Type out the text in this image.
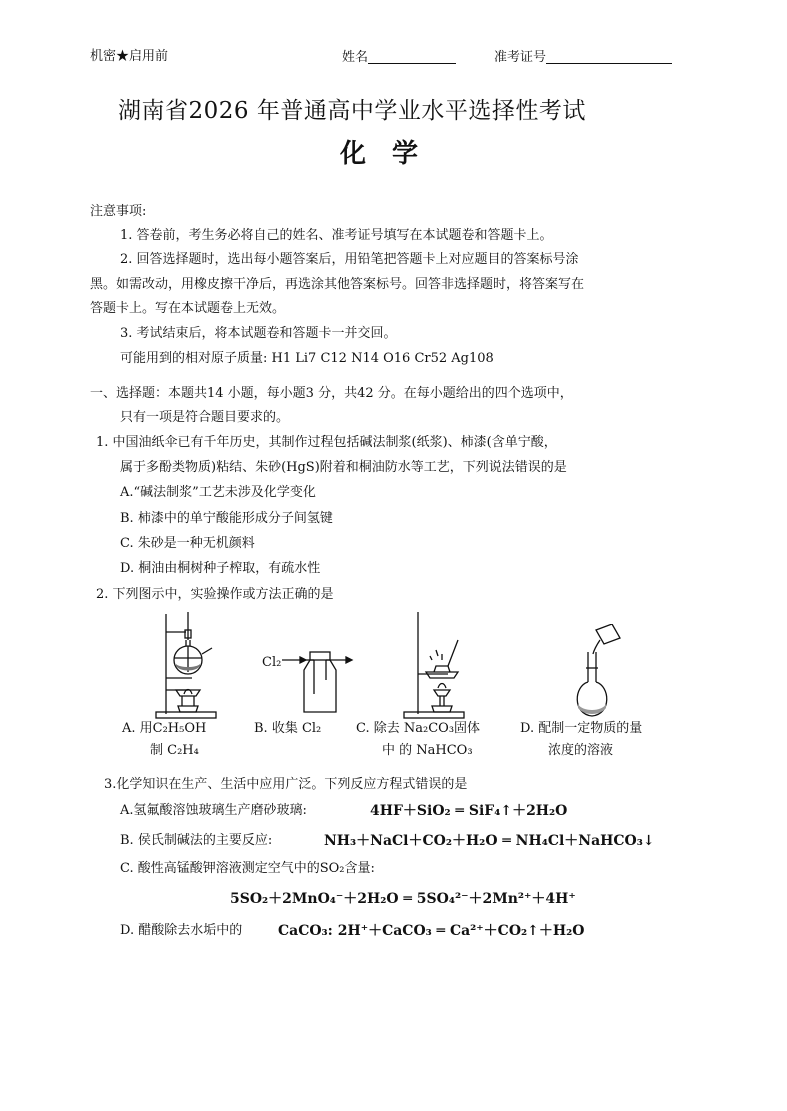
机密★启用前	姓名	准考证号
湖南省2026 年普通高中学业水平选择性考试
化　学
注意事项:
1. 答卷前，考生务必将自己的姓名、准考证号填写在本试题卷和答题卡上。
2. 回答选择题时，选出每小题答案后，用铅笔把答题卡上对应题目的答案标号涂
黑。如需改动，用橡皮擦干净后，再选涂其他答案标号。回答非选择题时，将答案写在
答题卡上。写在本试题卷上无效。
3. 考试结束后，将本试题卷和答题卡一并交回。
可能用到的相对原子质量: H1 Li7 C12 N14 O16 Cr52 Ag108
一、选择题：本题共14 小题，每小题3 分，共42 分。在每小题给出的四个选项中，
只有一项是符合题目要求的。
1. 中国油纸伞已有千年历史，其制作过程包括碱法制浆(纸浆)、柿漆(含单宁酸，
属于多酚类物质)粘结、朱砂(HgS)附着和桐油防水等工艺，下列说法错误的是
A.“碱法制浆”工艺未涉及化学变化
B. 柿漆中的单宁酸能形成分子间氢键
C. 朱砂是一种无机颜料
D. 桐油由桐树种子榨取，有疏水性
2. 下列图示中，实验操作或方法正确的是
Cl₂
A. 用C₂H₅OH
制 C₂H₄
B. 收集 Cl₂	C. 除去 Na₂CO₃固体
中 的 NaHCO₃
D. 配制一定物质的量
浓度的溶液
3.化学知识在生产、生活中应用广泛。下列反应方程式错误的是
A.氢氟酸溶蚀玻璃生产磨砂玻璃:	4HF＋SiO₂ ═ SiF₄↑＋2H₂O
B. 侯氏制碱法的主要反应:	NH₃＋NaCl＋CO₂＋H₂O ═ NH₄Cl＋NaHCO₃↓
C. 酸性高锰酸钾溶液测定空气中的SO₂含量:
5SO₂＋2MnO₄⁻＋2H₂O ═ 5SO₄²⁻＋2Mn²⁺＋4H⁺
D. 醋酸除去水垢中的	CaCO₃: 2H⁺＋CaCO₃ ═ Ca²⁺＋CO₂↑＋H₂O
